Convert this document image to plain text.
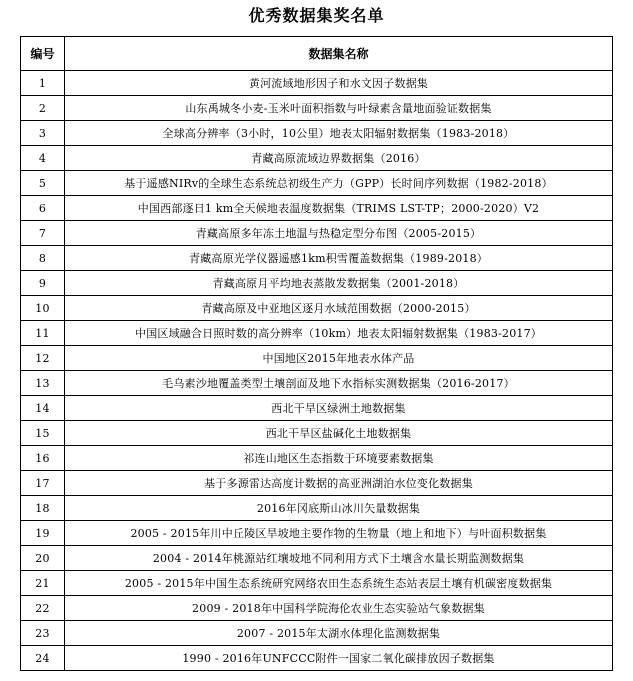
优秀数据集奖名单
编号	数据集名称
1	黄河流域地形因子和水文因子数据集
2	山东禹城冬小麦-玉米叶面积指数与叶绿素含量地面验证数据集
3	全球高分辨率（3小时，10公里）地表太阳辐射数据集（1983-2018）
4	青藏高原流域边界数据集（2016）
5	基于遥感NIRv的全球生态系统总初级生产力（GPP）长时间序列数据（1982-2018）
6	中国西部逐日1 km全天候地表温度数据集（TRIMS LST-TP；2000-2020）V2
7	青藏高原多年冻土地温与热稳定型分布图（2005-2015）
8	青藏高原光学仪器遥感1km积雪覆盖数据集（1989-2018）
9	青藏高原月平均地表蒸散发数据集（2001-2018）
10	青藏高原及中亚地区逐月水域范围数据（2000-2015）
11	中国区域融合日照时数的高分辨率（10km）地表太阳辐射数据集（1983-2017）
12	中国地区2015年地表水体产品
13	毛乌素沙地覆盖类型土壤剖面及地下水指标实测数据集（2016-2017）
14	西北干旱区绿洲土地数据集
15	西北干旱区盐碱化土地数据集
16	祁连山地区生态指数于环境要素数据集
17	基于多源雷达高度计数据的高亚洲湖泊水位变化数据集
18	2016年冈底斯山冰川矢量数据集
19	2005 - 2015年川中丘陵区旱坡地主要作物的生物量（地上和地下）与叶面积数据集
20	2004 - 2014年桃源站红壤坡地不同利用方式下土壤含水量长期监测数据集
21	2005 - 2015年中国生态系统研究网络农田生态系统生态站表层土壤有机碳密度数据集
22	2009 - 2018年中国科学院海伦农业生态实验站气象数据集
23	2007 - 2015年太湖水体理化监测数据集
24	1990 - 2016年UNFCCC附件一国家二氧化碳排放因子数据集
